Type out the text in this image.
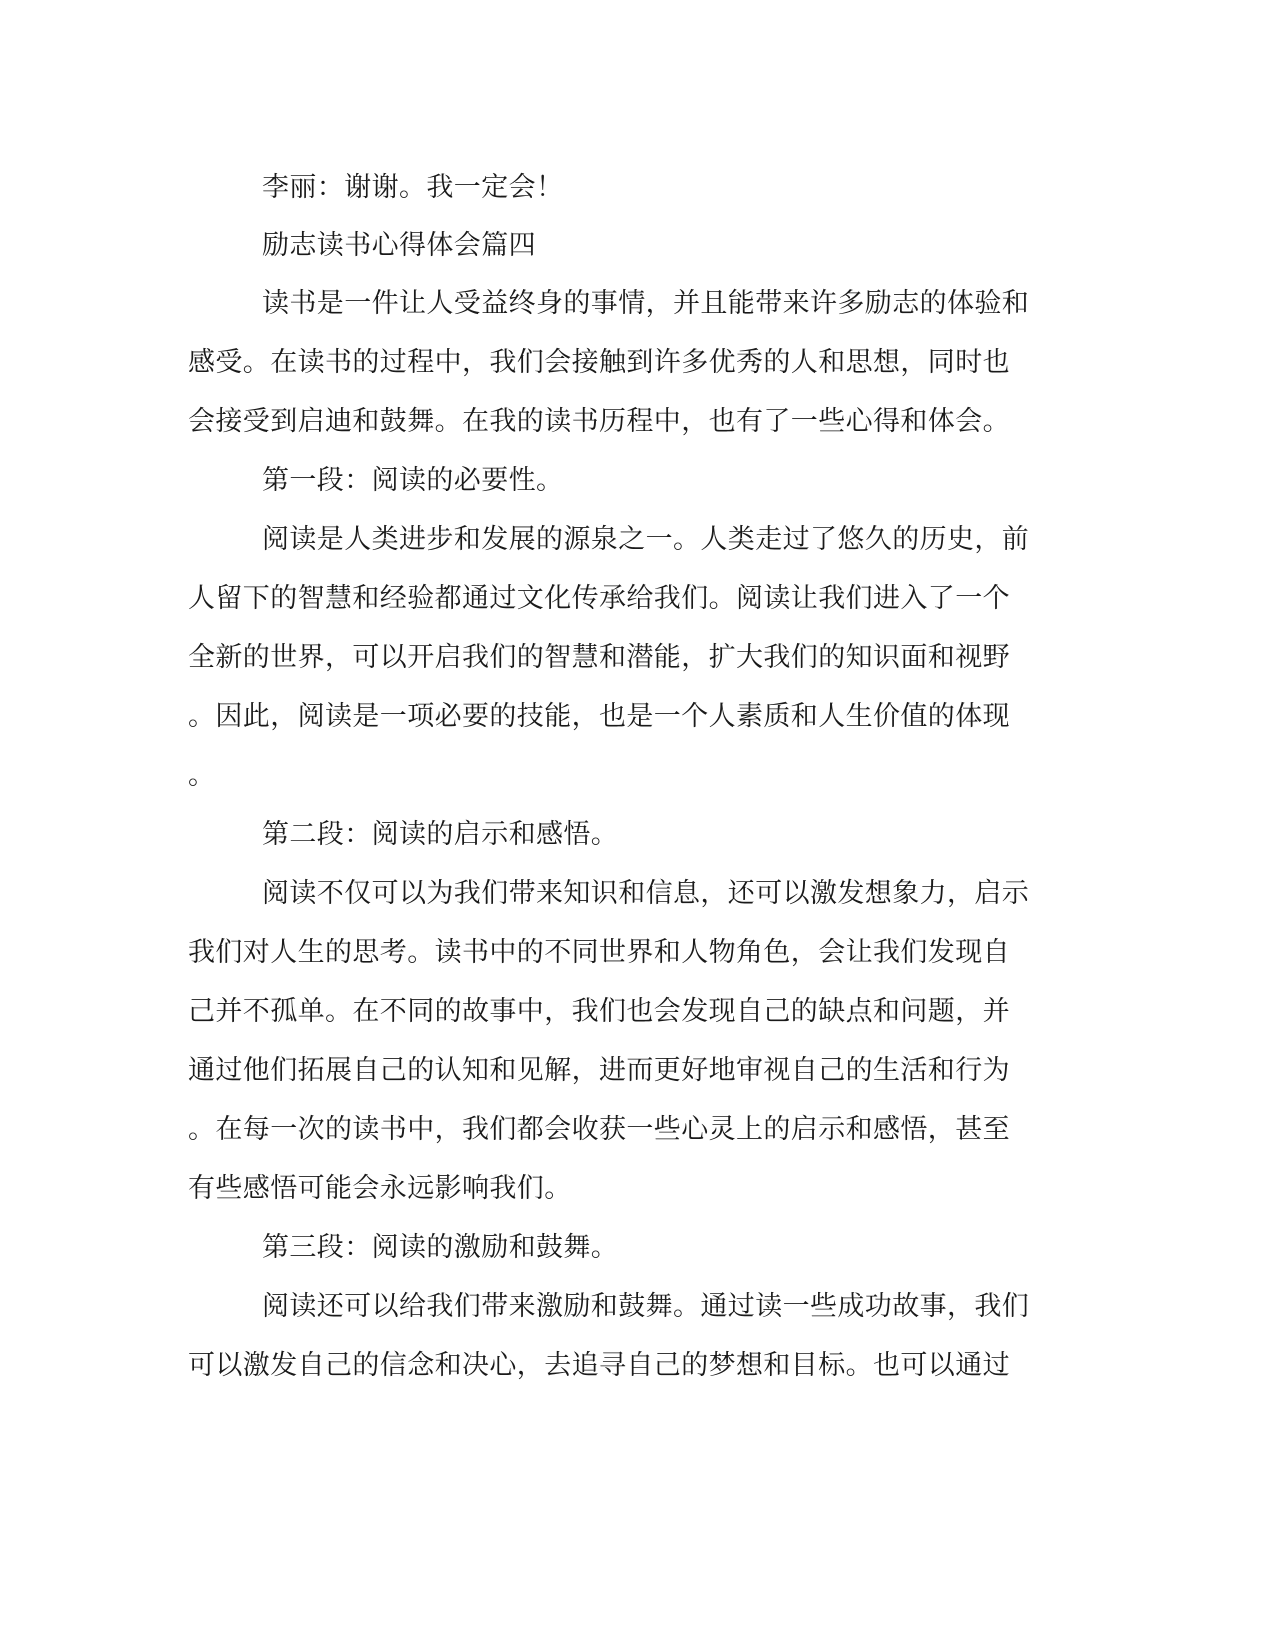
李丽：谢谢。我一定会！
励志读书心得体会篇四
读书是一件让人受益终身的事情，并且能带来许多励志的体验和
感受。在读书的过程中，我们会接触到许多优秀的人和思想，同时也
会接受到启迪和鼓舞。在我的读书历程中，也有了一些心得和体会。
第一段：阅读的必要性。
阅读是人类进步和发展的源泉之一。人类走过了悠久的历史，前
人留下的智慧和经验都通过文化传承给我们。阅读让我们进入了一个
全新的世界，可以开启我们的智慧和潜能，扩大我们的知识面和视野
。因此，阅读是一项必要的技能，也是一个人素质和人生价值的体现
。
第二段：阅读的启示和感悟。
阅读不仅可以为我们带来知识和信息，还可以激发想象力，启示
我们对人生的思考。读书中的不同世界和人物角色，会让我们发现自
己并不孤单。在不同的故事中，我们也会发现自己的缺点和问题，并
通过他们拓展自己的认知和见解，进而更好地审视自己的生活和行为
。在每一次的读书中，我们都会收获一些心灵上的启示和感悟，甚至
有些感悟可能会永远影响我们。
第三段：阅读的激励和鼓舞。
阅读还可以给我们带来激励和鼓舞。通过读一些成功故事，我们
可以激发自己的信念和决心，去追寻自己的梦想和目标。也可以通过
